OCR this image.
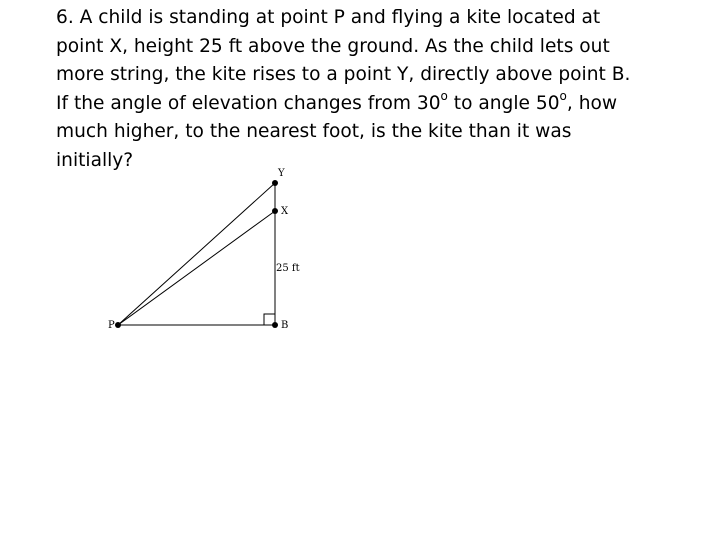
6. A child is standing at point P and flying a kite located at
point X, height 25 ft above the ground. As the child lets out
more string, the kite rises to a point Y, directly above point B.
If the angle of elevation changes from 30$^o$ to angle 50$^o$, how
much higher, to the nearest foot, is the kite than it was
initially?

Y
X
P	B
25 ft
